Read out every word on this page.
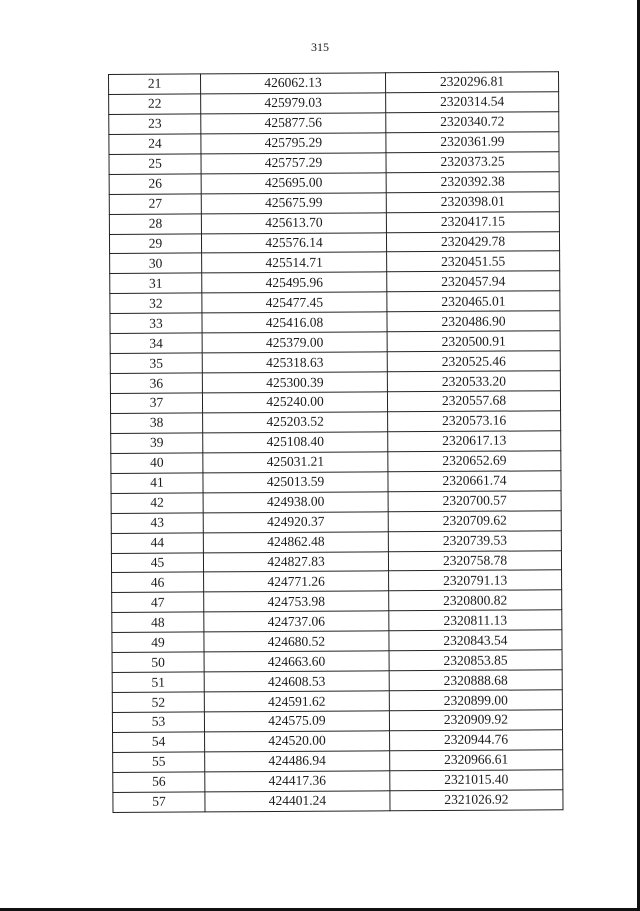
315
21	426062.13	2320296.81
22	425979.03	2320314.54
23	425877.56	2320340.72
24	425795.29	2320361.99
25	425757.29	2320373.25
26	425695.00	2320392.38
27	425675.99	2320398.01
28	425613.70	2320417.15
29	425576.14	2320429.78
30	425514.71	2320451.55
31	425495.96	2320457.94
32	425477.45	2320465.01
33	425416.08	2320486.90
34	425379.00	2320500.91
35	425318.63	2320525.46
36	425300.39	2320533.20
37	425240.00	2320557.68
38	425203.52	2320573.16
39	425108.40	2320617.13
40	425031.21	2320652.69
41	425013.59	2320661.74
42	424938.00	2320700.57
43	424920.37	2320709.62
44	424862.48	2320739.53
45	424827.83	2320758.78
46	424771.26	2320791.13
47	424753.98	2320800.82
48	424737.06	2320811.13
49	424680.52	2320843.54
50	424663.60	2320853.85
51	424608.53	2320888.68
52	424591.62	2320899.00
53	424575.09	2320909.92
54	424520.00	2320944.76
55	424486.94	2320966.61
56	424417.36	2321015.40
57	424401.24	2321026.92
